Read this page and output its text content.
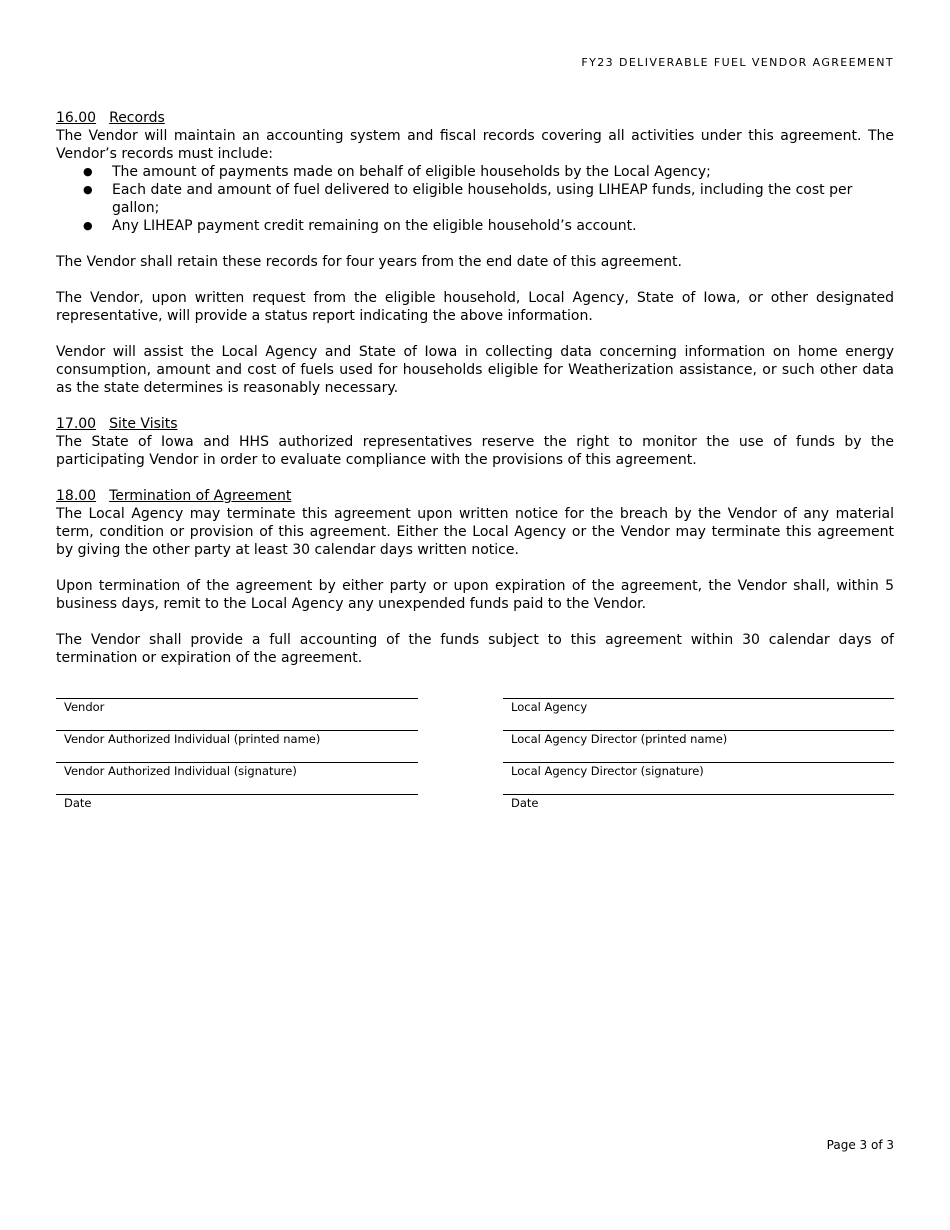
FY23 DELIVERABLE FUEL VENDOR AGREEMENT
16.00 Records

The Vendor will maintain an accounting system and fiscal records covering all activities under this agreement. The Vendor’s records must include:

● The amount of payments made on behalf of eligible households by the Local Agency;
● Each date and amount of fuel delivered to eligible households, using LIHEAP funds, including the cost per gallon;
● Any LIHEAP payment credit remaining on the eligible household’s account.

The Vendor shall retain these records for four years from the end date of this agreement.

The Vendor, upon written request from the eligible household, Local Agency, State of Iowa, or other designated representative, will provide a status report indicating the above information.

Vendor will assist the Local Agency and State of Iowa in collecting data concerning information on home energy consumption, amount and cost of fuels used for households eligible for Weatherization assistance, or such other data as the state determines is reasonably necessary.

17.00 Site Visits

The State of Iowa and HHS authorized representatives reserve the right to monitor the use of funds by the participating Vendor in order to evaluate compliance with the provisions of this agreement.

18.00 Termination of Agreement

The Local Agency may terminate this agreement upon written notice for the breach by the Vendor of any material term, condition or provision of this agreement. Either the Local Agency or the Vendor may terminate this agreement by giving the other party at least 30 calendar days written notice.

Upon termination of the agreement by either party or upon expiration of the agreement, the Vendor shall, within 5 business days, remit to the Local Agency any unexpended funds paid to the Vendor.

The Vendor shall provide a full accounting of the funds subject to this agreement within 30 calendar days of termination or expiration of the agreement.

Vendor
Vendor Authorized Individual (printed name)
Vendor Authorized Individual (signature)
Date
Local Agency
Local Agency Director (printed name)
Local Agency Director (signature)
Date
Page 3 of 3
